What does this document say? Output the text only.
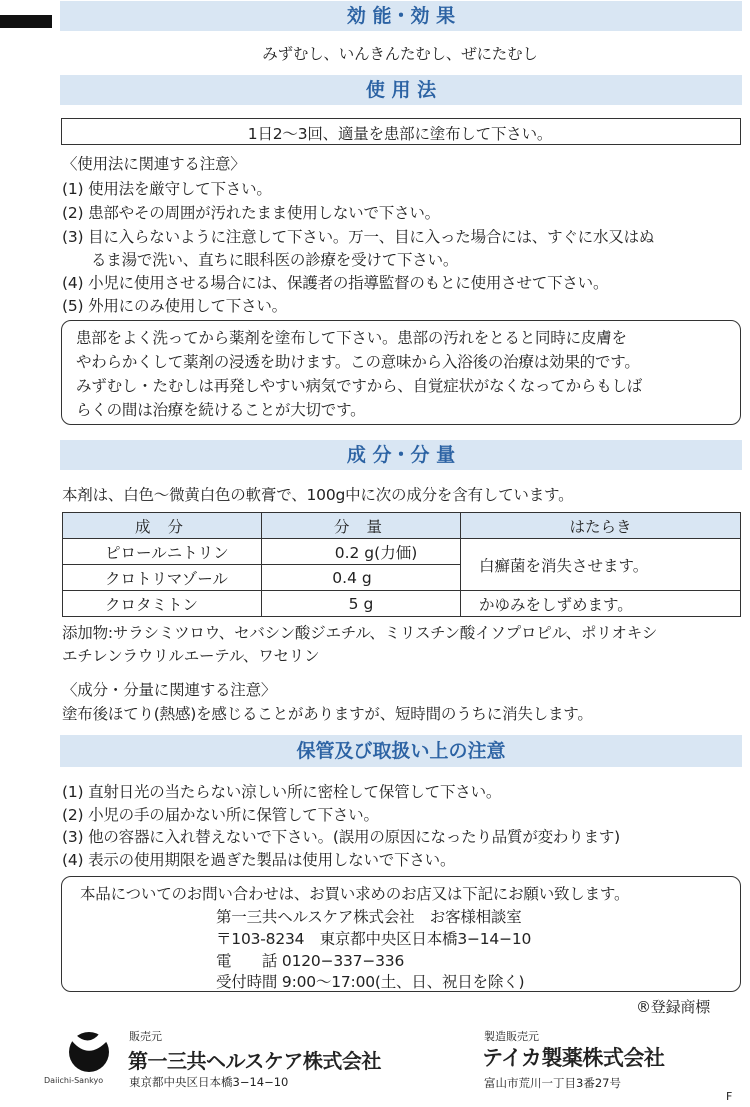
効 能・効 果
みずむし、いんきんたむし、ぜにたむし
使 用 法
1日2〜3回、適量を患部に塗布して下さい。
〈使用法に関連する注意〉
(1) 使用法を厳守して下さい。
(2) 患部やその周囲が汚れたまま使用しないで下さい。
(3) 目に入らないように注意して下さい。万一、目に入った場合には、すぐに水又はぬ
るま湯で洗い、直ちに眼科医の診療を受けて下さい。
(4) 小児に使用させる場合には、保護者の指導監督のもとに使用させて下さい。
(5) 外用にのみ使用して下さい。
患部をよく洗ってから薬剤を塗布して下さい。患部の汚れをとると同時に皮膚を
やわらかくして薬剤の浸透を助けます。この意味から入浴後の治療は効果的です。
みずむし・たむしは再発しやすい病気ですから、自覚症状がなくなってからもしば
らくの間は治療を続けることが大切です。
成 分・分 量
本剤は、白色〜微黄白色の軟膏で、100g中に次の成分を含有しています。
成 分	分 量	はたらき
ピロールニトリン	0.2 g(力価)	白癬菌を消失させます。
クロトリマゾール	0.4 g	
クロタミトン	5 g	かゆみをしずめます。
添加物:サラシミツロウ、セバシン酸ジエチル、ミリスチン酸イソプロピル、ポリオキシ
エチレンラウリルエーテル、ワセリン
〈成分・分量に関連する注意〉
塗布後ほてり(熱感)を感じることがありますが、短時間のうちに消失します。
保管及び取扱い上の注意
(1) 直射日光の当たらない涼しい所に密栓して保管して下さい。
(2) 小児の手の届かない所に保管して下さい。
(3) 他の容器に入れ替えないで下さい。(誤用の原因になったり品質が変わります)
(4) 表示の使用期限を過ぎた製品は使用しないで下さい。
本品についてのお問い合わせは、お買い求めのお店又は下記にお願い致します。
第一三共ヘルスケア株式会社　お客様相談室
〒103-8234　東京都中央区日本橋3−14−10
電　　話 0120−337−336
受付時間 9:00〜17:00(土、日、祝日を除く)
®登録商標
Daiichi-Sankyo
販売元
第一三共ヘルスケア株式会社
東京都中央区日本橋3−14−10
製造販売元
テイカ製薬株式会社
富山市荒川一丁目3番27号
F
